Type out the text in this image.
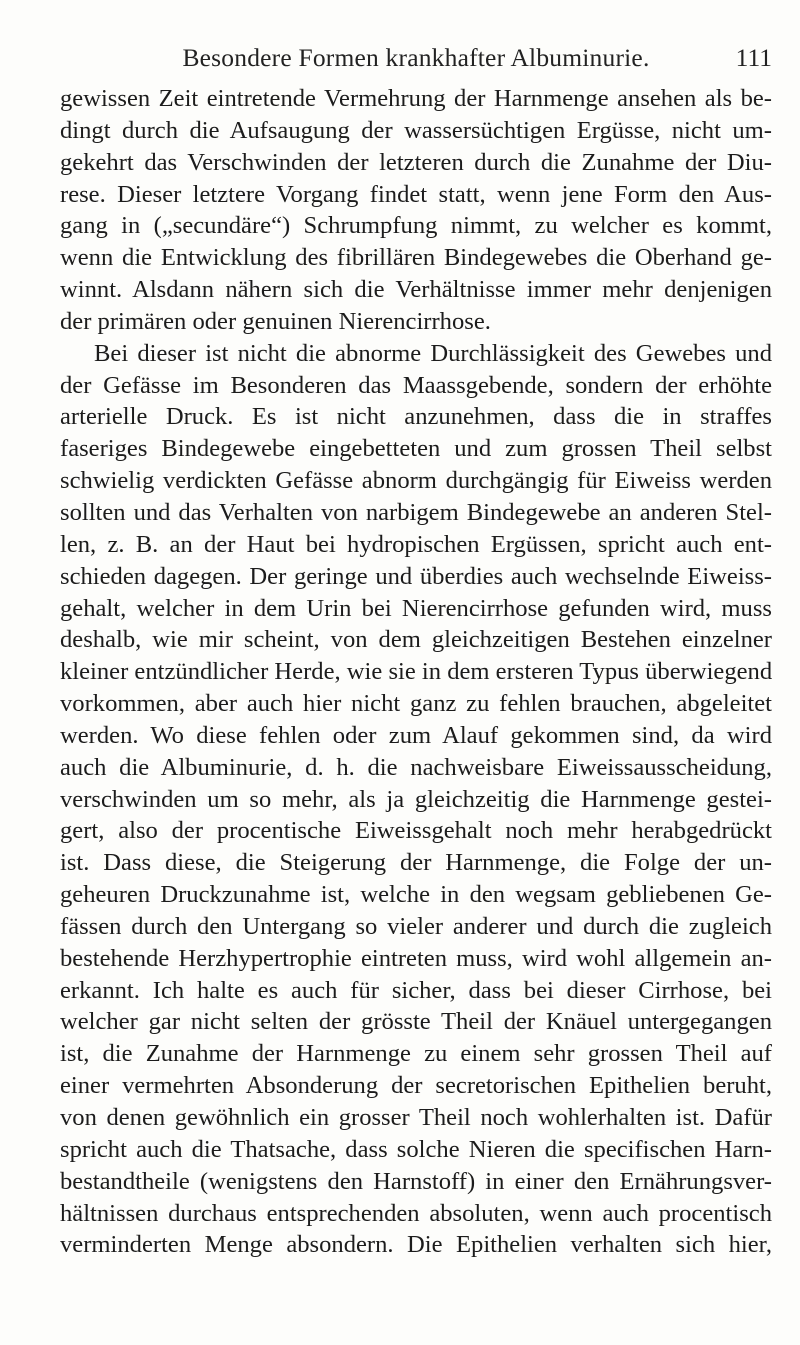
Besondere Formen krankhafter Albuminurie.	111
gewissen Zeit eintretende Vermehrung der Harnmenge ansehen als be-
dingt durch die Aufsaugung der wassersüchtigen Ergüsse, nicht um-
gekehrt das Verschwinden der letzteren durch die Zunahme der Diu-
rese. Dieser letztere Vorgang findet statt, wenn jene Form den Aus-
gang in („secundäre“) Schrumpfung nimmt, zu welcher es kommt,
wenn die Entwicklung des fibrillären Bindegewebes die Oberhand ge-
winnt. Alsdann nähern sich die Verhältnisse immer mehr denjenigen
der primären oder genuinen Nierencirrhose.
Bei dieser ist nicht die abnorme Durchlässigkeit des Gewebes und
der Gefässe im Besonderen das Maassgebende, sondern der erhöhte
arterielle Druck. Es ist nicht anzunehmen, dass die in straffes
faseriges Bindegewebe eingebetteten und zum grossen Theil selbst
schwielig verdickten Gefässe abnorm durchgängig für Eiweiss werden
sollten und das Verhalten von narbigem Bindegewebe an anderen Stel-
len, z. B. an der Haut bei hydropischen Ergüssen, spricht auch ent-
schieden dagegen. Der geringe und überdies auch wechselnde Eiweiss-
gehalt, welcher in dem Urin bei Nierencirrhose gefunden wird, muss
deshalb, wie mir scheint, von dem gleichzeitigen Bestehen einzelner
kleiner entzündlicher Herde, wie sie in dem ersteren Typus überwiegend
vorkommen, aber auch hier nicht ganz zu fehlen brauchen, abgeleitet
werden. Wo diese fehlen oder zum Alauf gekommen sind, da wird
auch die Albuminurie, d. h. die nachweisbare Eiweissausscheidung,
verschwinden um so mehr, als ja gleichzeitig die Harnmenge gestei-
gert, also der procentische Eiweissgehalt noch mehr herabgedrückt
ist. Dass diese, die Steigerung der Harnmenge, die Folge der un-
geheuren Druckzunahme ist, welche in den wegsam gebliebenen Ge-
fässen durch den Untergang so vieler anderer und durch die zugleich
bestehende Herzhypertrophie eintreten muss, wird wohl allgemein an-
erkannt. Ich halte es auch für sicher, dass bei dieser Cirrhose, bei
welcher gar nicht selten der grösste Theil der Knäuel untergegangen
ist, die Zunahme der Harnmenge zu einem sehr grossen Theil auf
einer vermehrten Absonderung der secretorischen Epithelien beruht,
von denen gewöhnlich ein grosser Theil noch wohlerhalten ist. Dafür
spricht auch die Thatsache, dass solche Nieren die specifischen Harn-
bestandtheile (wenigstens den Harnstoff) in einer den Ernährungsver-
hältnissen durchaus entsprechenden absoluten, wenn auch procentisch
verminderten Menge absondern. Die Epithelien verhalten sich hier,
